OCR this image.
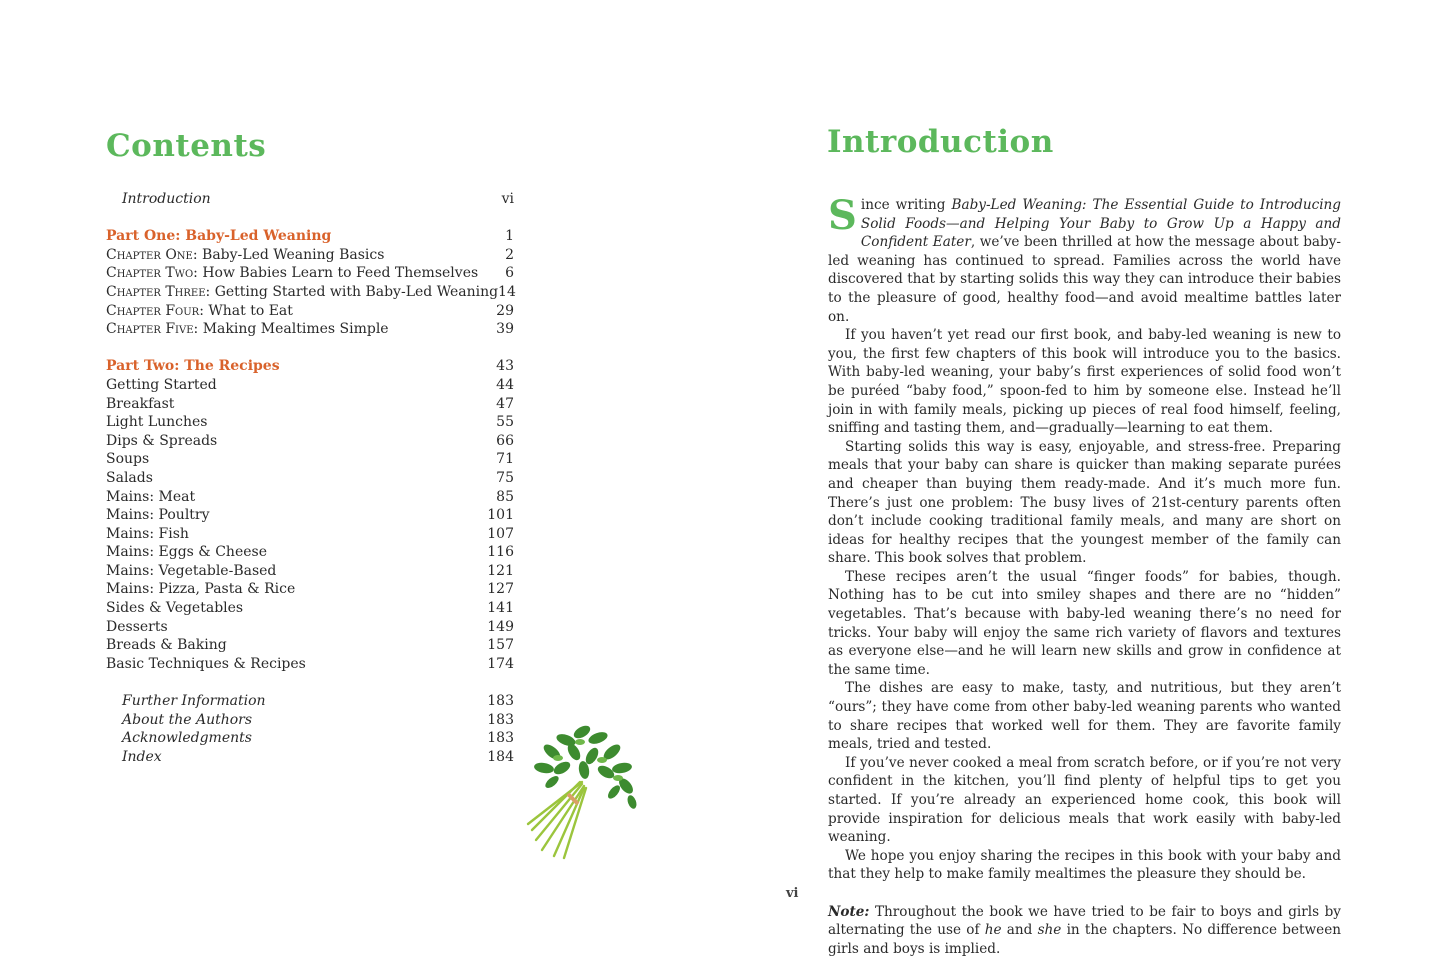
Contents
Introduction	vi
Part One: Baby-Led Weaning	1
Chapter One: Baby-Led Weaning Basics	2
Chapter Two: How Babies Learn to Feed Themselves 6
Chapter Three: Getting Started with Baby-Led Weaning 14
Chapter Four: What to Eat	29
Chapter Five: Making Mealtimes Simple	39
Part Two: The Recipes	43
Getting Started	44
Breakfast	47
Light Lunches	55
Dips & Spreads	66
Soups	71
Salads	75
Mains: Meat	85
Mains: Poultry	101
Mains: Fish	107
Mains: Eggs & Cheese	116
Mains: Vegetable-Based	121
Mains: Pizza, Pasta & Rice	127
Sides & Vegetables	141
Desserts	149
Breads & Baking	157
Basic Techniques & Recipes	174
Further Information	183
About the Authors	183
Acknowledgments	183
Index	184
Introduction

Since writing Baby-Led Weaning: The Essential Guide to Introducing Solid Foods—and Helping Your Baby to Grow Up a Happy and Confident Eater, we’ve been thrilled at how the message about baby-led weaning has continued to spread. Families across the world have discovered that by starting solids this way they can introduce their babies to the pleasure of good, healthy food—and avoid mealtime battles later on.

If you haven’t yet read our first book, and baby-led weaning is new to you, the first few chapters of this book will introduce you to the basics. With baby-led weaning, your baby’s first experiences of solid food won’t be puréed “baby food,” spoon-fed to him by someone else. Instead he’ll join in with family meals, picking up pieces of real food himself, feeling, sniffing and tasting them, and—gradually—learning to eat them.

Starting solids this way is easy, enjoyable, and stress-free. Preparing meals that your baby can share is quicker than making separate purées and cheaper than buying them ready-made. And it’s much more fun. There’s just one problem: The busy lives of 21st-century parents often don’t include cooking traditional family meals, and many are short on ideas for healthy recipes that the youngest member of the family can share. This book solves that problem.

These recipes aren’t the usual “finger foods” for babies, though. Nothing has to be cut into smiley shapes and there are no “hidden” vegetables. That’s because with baby-led weaning there’s no need for tricks. Your baby will enjoy the same rich variety of flavors and textures as everyone else—and he will learn new skills and grow in confidence at the same time.

The dishes are easy to make, tasty, and nutritious, but they aren’t “ours”; they have come from other baby-led weaning parents who wanted to share recipes that worked well for them. They are favorite family meals, tried and tested.

If you’ve never cooked a meal from scratch before, or if you’re not very confident in the kitchen, you’ll find plenty of helpful tips to get you started. If you’re already an experienced home cook, this book will provide inspiration for delicious meals that work easily with baby-led weaning.

We hope you enjoy sharing the recipes in this book with your baby and that they help to make family mealtimes the pleasure they should be.

Note: Throughout the book we have tried to be fair to boys and girls by alternating the use of he and she in the chapters. No difference between girls and boys is implied.

vi
